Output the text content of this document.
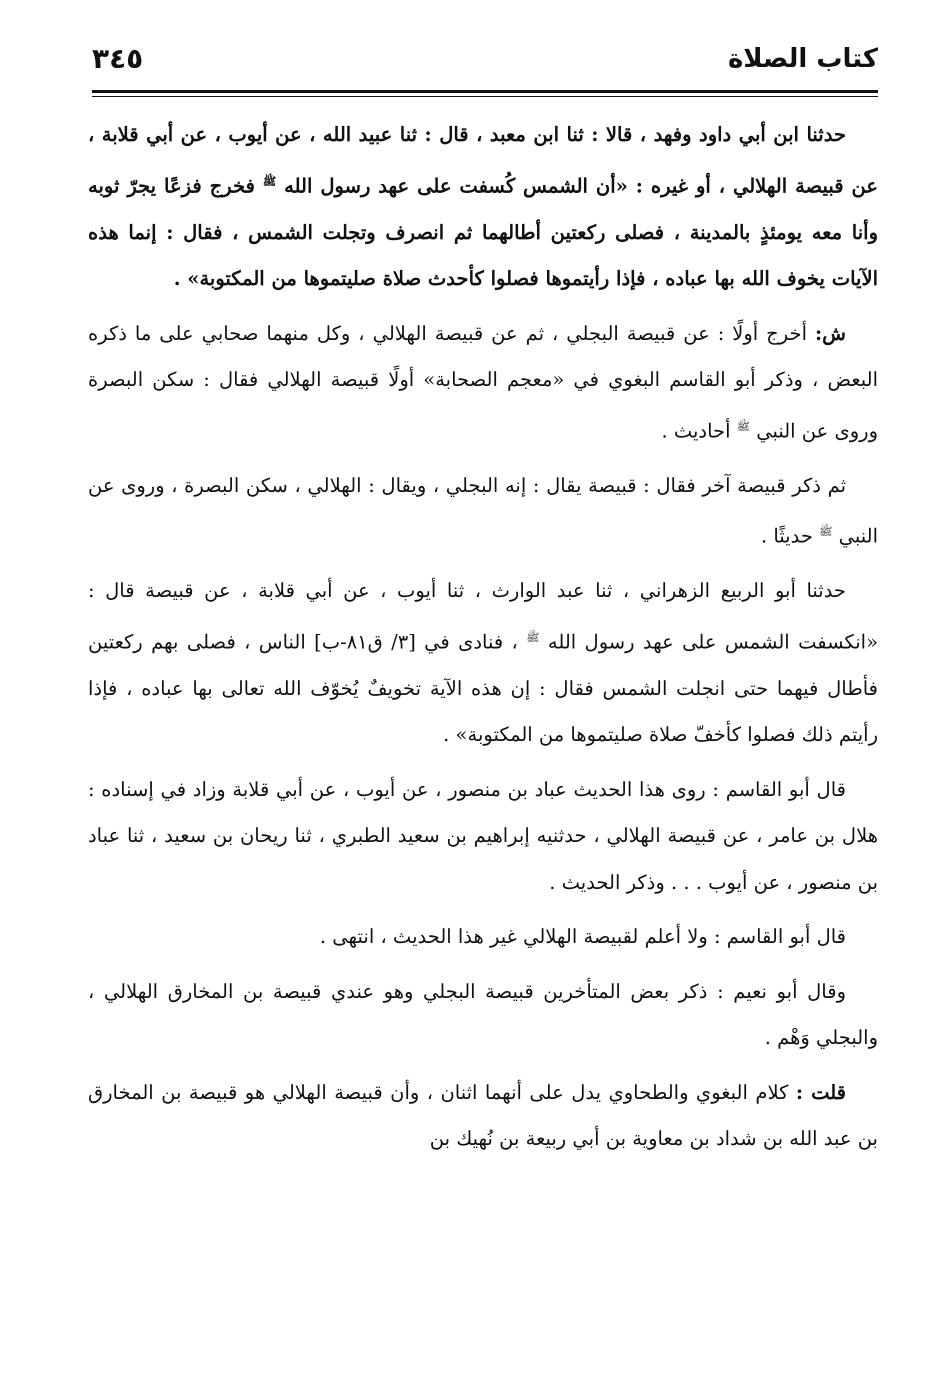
كتاب الصلاة
٣٤٥

حدثنا ابن أبي داود وفهد ، قالا : ثنا ابن معبد ، قال : ثنا عبيد الله ، عن أيوب ، عن أبي قلابة ، عن قبيصة الهلالي ، أو غيره : «أن الشمس كُسفت على عهد رسول الله $^ﷺ$ فخرج فزعًا يجرّ ثوبه وأنا معه يومئذٍ بالمدينة ، فصلى ركعتين أطالهما ثم انصرف وتجلت الشمس ، فقال : إنما هذه الآيات يخوف الله بها عباده ، فإذا رأيتموها فصلوا كأحدث صلاة صليتموها من المكتوبة» .

ش: أخرج أولًا : عن قبيصة البجلي ، ثم عن قبيصة الهلالي ، وكل منهما صحابي على ما ذكره البعض ، وذكر أبو القاسم البغوي في «معجم الصحابة» أولًا قبيصة الهلالي فقال : سكن البصرة وروى عن النبي $^ﷺ$ أحاديث .

ثم ذكر قبيصة آخر فقال : قبيصة يقال : إنه البجلي ، ويقال : الهلالي ، سكن البصرة ، وروى عن النبي $^ﷺ$ حديثًا .

حدثنا أبو الربيع الزهراني ، ثنا عبد الوارث ، ثنا أيوب ، عن أبي قلابة ، عن قبيصة قال : «انكسفت الشمس على عهد رسول الله $^ﷺ$ ، فنادى في [٣/ ق٨١-ب] الناس ، فصلى بهم ركعتين فأطال فيهما حتى انجلت الشمس فقال : إن هذه الآية تخويفٌ يُخوّف الله تعالى بها عباده ، فإذا رأيتم ذلك فصلوا كأخفّ صلاة صليتموها من المكتوبة» .

قال أبو القاسم : روى هذا الحديث عباد بن منصور ، عن أيوب ، عن أبي قلابة وزاد في إسناده : هلال بن عامر ، عن قبيصة الهلالي ، حدثنيه إبراهيم بن سعيد الطبري ، ثنا ريحان بن سعيد ، ثنا عباد بن منصور ، عن أيوب . . . وذكر الحديث .

قال أبو القاسم : ولا أعلم لقبيصة الهلالي غير هذا الحديث ، انتهى .

وقال أبو نعيم : ذكر بعض المتأخرين قبيصة البجلي وهو عندي قبيصة بن المخارق الهلالي ، والبجلي وَهْم .

قلت : كلام البغوي والطحاوي يدل على أنهما اثنان ، وأن قبيصة الهلالي هو قبيصة بن المخارق بن عبد الله بن شداد بن معاوية بن أبي ربيعة بن نُهيك بن
